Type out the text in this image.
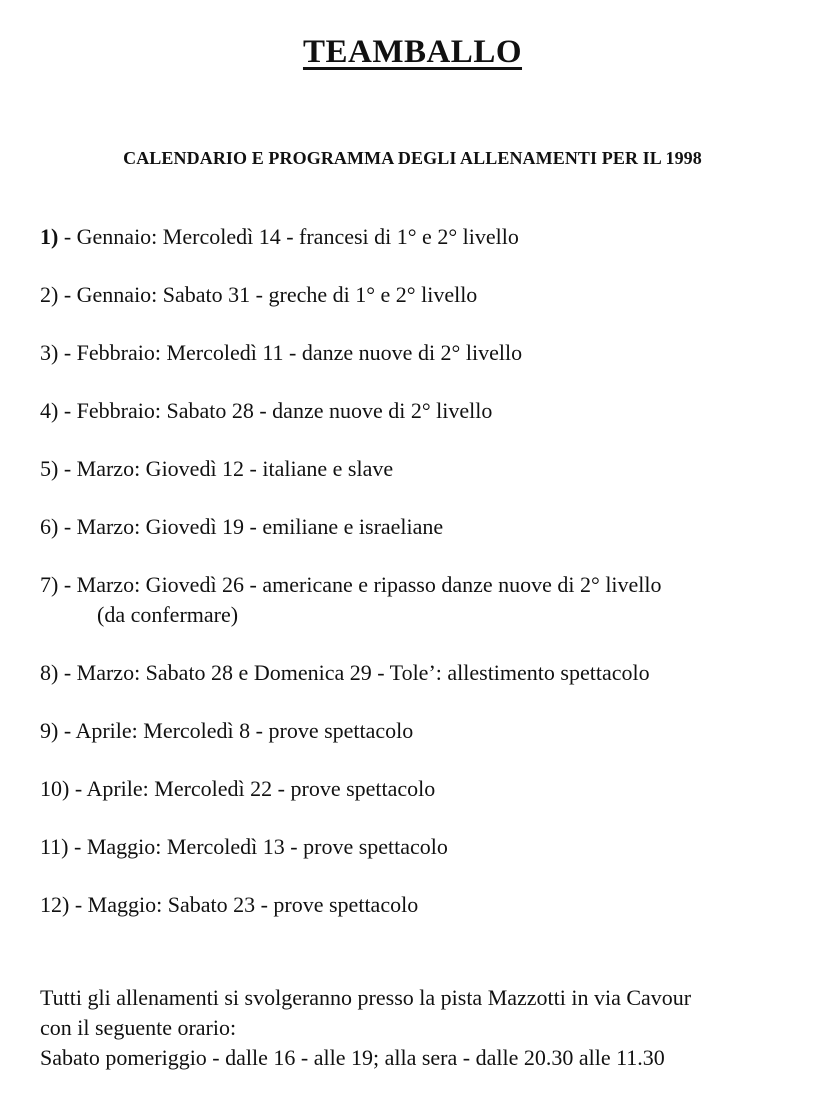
TEAMBALLO
CALENDARIO E PROGRAMMA DEGLI ALLENAMENTI PER IL 1998
1) - Gennaio: Mercoledì 14 - francesi di 1° e 2° livello
2) - Gennaio: Sabato 31 - greche di 1° e 2° livello
3) - Febbraio: Mercoledì 11 - danze nuove di 2° livello
4) - Febbraio: Sabato 28 - danze nuove di 2° livello
5) - Marzo: Giovedì 12 - italiane e slave
6) - Marzo: Giovedì 19 - emiliane e israeliane
7) - Marzo: Giovedì 26 - americane e ripasso danze nuove di 2° livello
(da confermare)
8) - Marzo: Sabato 28 e Domenica 29 - Tole’: allestimento spettacolo
9) - Aprile: Mercoledì 8 - prove spettacolo
10) - Aprile: Mercoledì 22 - prove spettacolo
11) - Maggio: Mercoledì 13 - prove spettacolo
12) - Maggio: Sabato 23 - prove spettacolo
Tutti gli allenamenti si svolgeranno presso la pista Mazzotti in via Cavour
con il seguente orario:
Sabato pomeriggio - dalle 16 - alle 19; alla sera - dalle 20.30 alle 11.30
